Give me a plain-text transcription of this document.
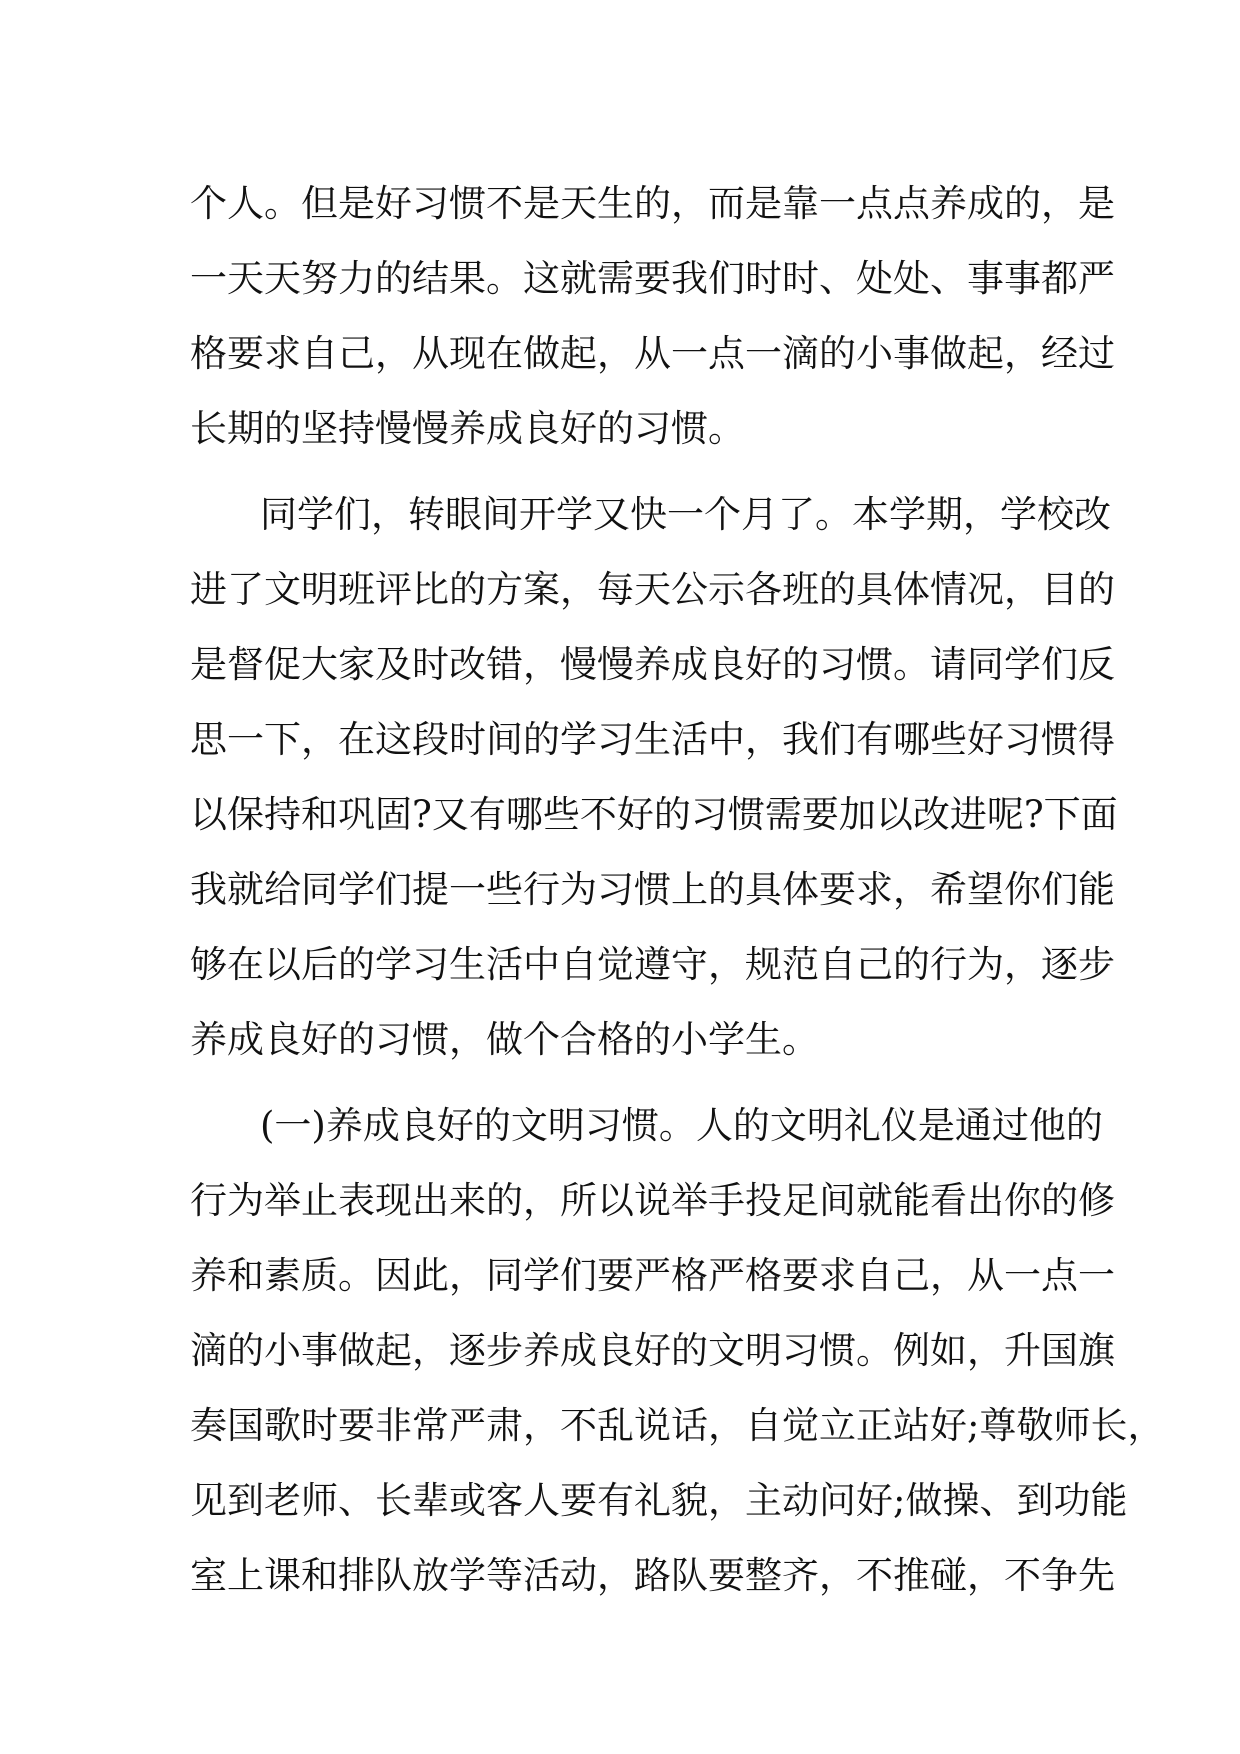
个人。但是好习惯不是天生的，而是靠一点点养成的，是
一天天努力的结果。这就需要我们时时、处处、事事都严
格要求自己，从现在做起，从一点一滴的小事做起，经过
长期的坚持慢慢养成良好的习惯。
同学们，转眼间开学又快一个月了。本学期，学校改
进了文明班评比的方案，每天公示各班的具体情况，目的
是督促大家及时改错，慢慢养成良好的习惯。请同学们反
思一下，在这段时间的学习生活中，我们有哪些好习惯得
以保持和巩固?又有哪些不好的习惯需要加以改进呢?下面
我就给同学们提一些行为习惯上的具体要求，希望你们能
够在以后的学习生活中自觉遵守，规范自己的行为，逐步
养成良好的习惯，做个合格的小学生。
(一)养成良好的文明习惯。人的文明礼仪是通过他的
行为举止表现出来的，所以说举手投足间就能看出你的修
养和素质。因此，同学们要严格严格要求自己，从一点一
滴的小事做起，逐步养成良好的文明习惯。例如，升国旗
奏国歌时要非常严肃，不乱说话，自觉立正站好;尊敬师长，
见到老师、长辈或客人要有礼貌，主动问好;做操、到功能
室上课和排队放学等活动，路队要整齐，不推碰，不争先
